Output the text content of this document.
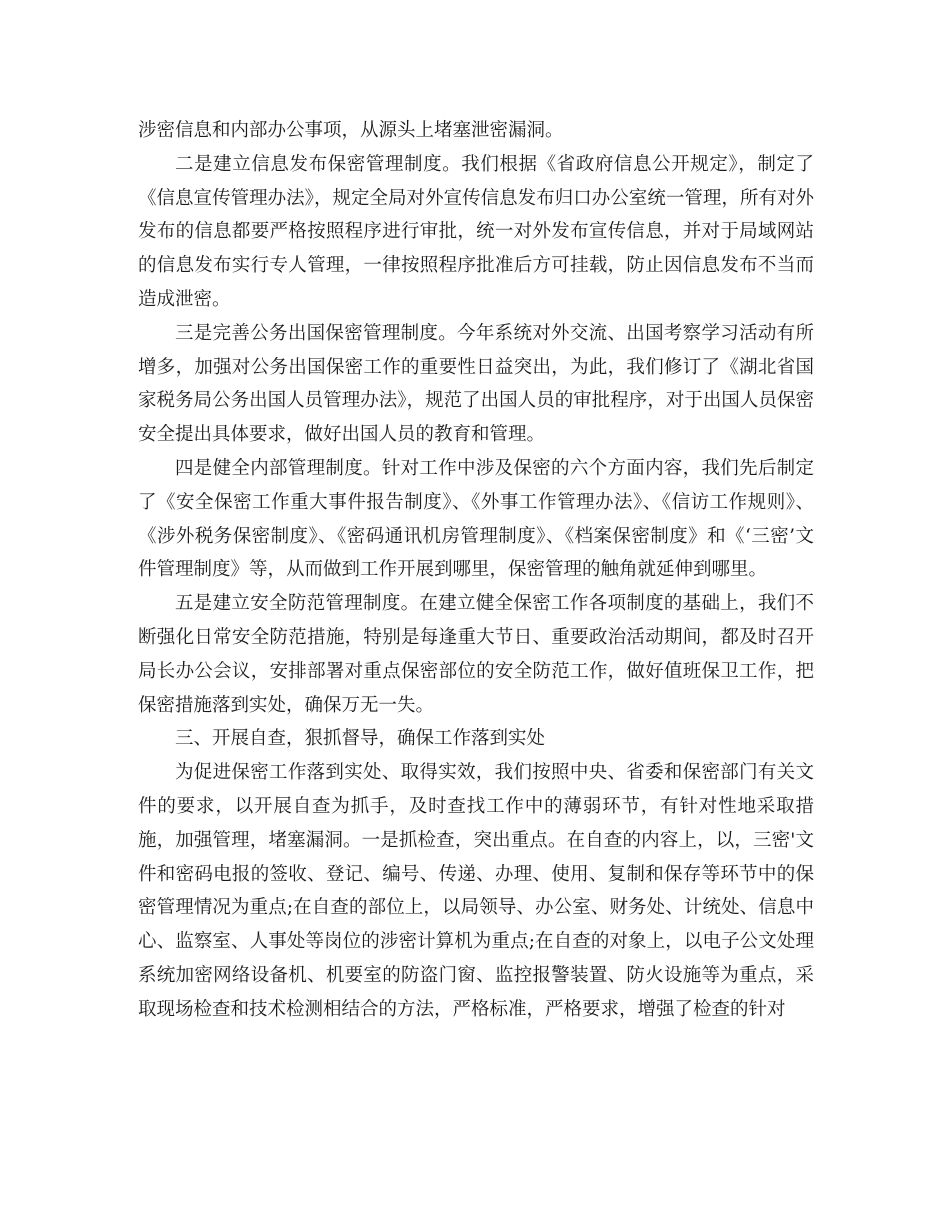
涉密信息和内部办公事项，从源头上堵塞泄密漏洞。

二是建立信息发布保密管理制度。我们根据《省政府信息公开规定》，制定了《信息宣传管理办法》，规定全局对外宣传信息发布归口办公室统一管理，所有对外发布的信息都要严格按照程序进行审批，统一对外发布宣传信息，并对于局域网站的信息发布实行专人管理，一律按照程序批准后方可挂载，防止因信息发布不当而造成泄密。

三是完善公务出国保密管理制度。今年系统对外交流、出国考察学习活动有所增多，加强对公务出国保密工作的重要性日益突出，为此，我们修订了《湖北省国家税务局公务出国人员管理办法》，规范了出国人员的审批程序，对于出国人员保密安全提出具体要求，做好出国人员的教育和管理。

四是健全内部管理制度。针对工作中涉及保密的六个方面内容，我们先后制定了《安全保密工作重大事件报告制度》、《外事工作管理办法》、《信访工作规则》、《涉外税务保密制度》、《密码通讯机房管理制度》、《档案保密制度》和《‘三密’文件管理制度》等，从而做到工作开展到哪里，保密管理的触角就延伸到哪里。

五是建立安全防范管理制度。在建立健全保密工作各项制度的基础上，我们不断强化日常安全防范措施，特别是每逢重大节日、重要政治活动期间，都及时召开局长办公会议，安排部署对重点保密部位的安全防范工作，做好值班保卫工作，把保密措施落到实处，确保万无一失。

三、开展自查，狠抓督导，确保工作落到实处

为促进保密工作落到实处、取得实效，我们按照中央、省委和保密部门有关文件的要求，以开展自查为抓手，及时查找工作中的薄弱环节，有针对性地采取措施，加强管理，堵塞漏洞。一是抓检查，突出重点。在自查的内容上，以，三密'文件和密码电报的签收、登记、编号、传递、办理、使用、复制和保存等环节中的保密管理情况为重点;在自查的部位上，以局领导、办公室、财务处、计统处、信息中心、监察室、人事处等岗位的涉密计算机为重点;在自查的对象上，以电子公文处理系统加密网络设备机、机要室的防盗门窗、监控报警装置、防火设施等为重点，采取现场检查和技术检测相结合的方法，严格标准，严格要求，增强了检查的针对
